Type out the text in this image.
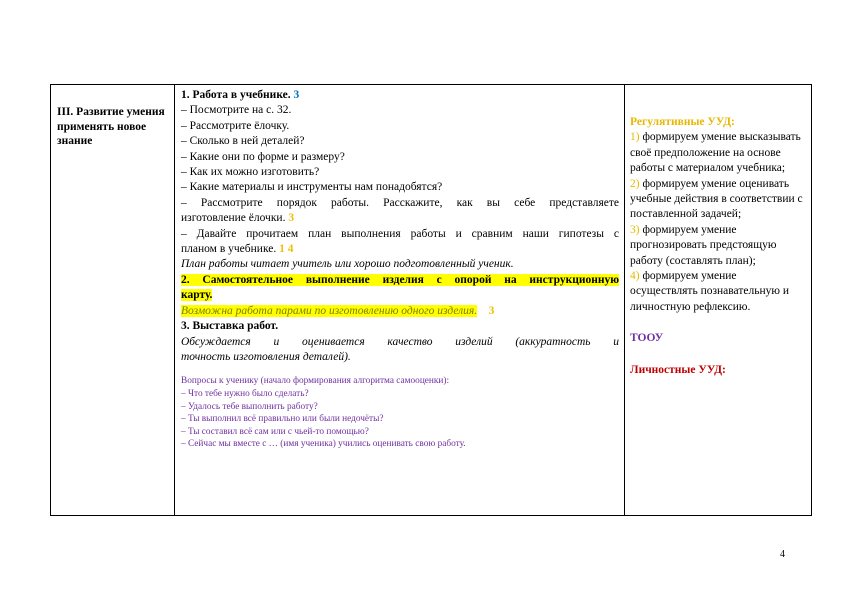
III. Развитие умения применять новое знание

1. Работа в учебнике. 3
– Посмотрите на с. 32.
– Рассмотрите ёлочку.
– Сколько в ней деталей?
– Какие они по форме и размеру?
– Как их можно изготовить?
– Какие материалы и инструменты нам понадобятся?
– Рассмотрите порядок работы. Расскажите, как вы себе представляете
изготовление ёлочки. 3
– Давайте прочитаем план выполнения работы и сравним наши гипотезы с
планом в учебнике. 1 4
План работы читает учитель или хорошо подготовленный ученик.
2. Самостоятельное выполнение изделия с опорой на инструкционную
карту.
Возможна работа парами по изготовлению одного изделия. 3
3. Выставка работ.
Обсуждается и оценивается качество изделий (аккуратность и
точность изготовления деталей).
Вопросы к ученику (начало формирования алгоритма самооценки):
– Что тебе нужно было сделать?
– Удалось тебе выполнить работу?
– Ты выполнил всё правильно или были недочёты?
– Ты составил всё сам или с чьей-то помощью?
– Сейчас мы вместе с … (имя ученика) учились оценивать свою работу.

Регулятивные УУД:
1) формируем умение высказывать своё предположение на основе работы с материалом учебника;
2) формируем умение оценивать учебные действия в соответствии с поставленной задачей;
3) формируем умение прогнозировать предстоящую работу (составлять план);
4) формируем умение осуществлять познавательную и личностную рефлексию.
ТООУ
Личностные УУД:
4
